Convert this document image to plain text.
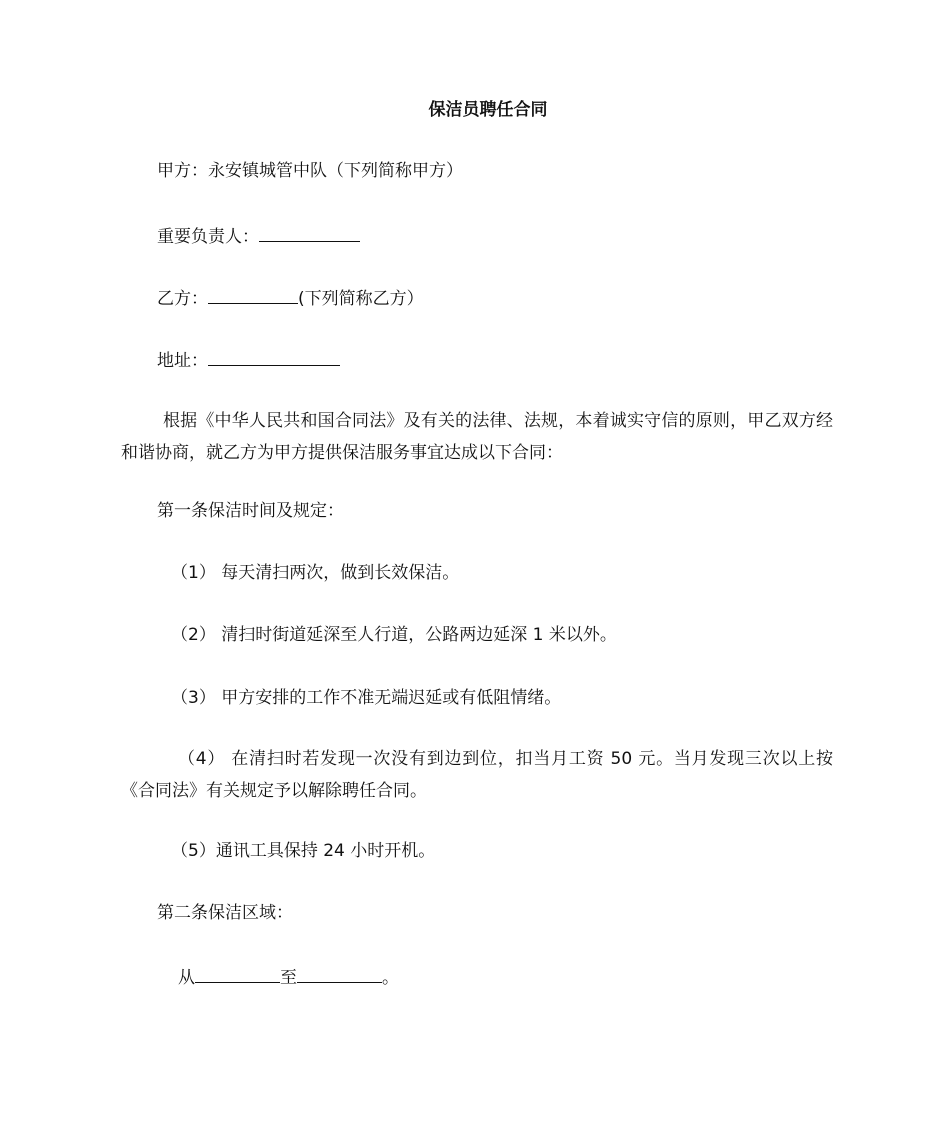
保洁员聘任合同
甲方：永安镇城管中队（下列简称甲方）
重要负责人：
乙方：	(下列简称乙方）
地址：
根据《中华人民共和国合同法》及有关的法律、法规，本着诚实守信的原则，甲乙双方经和谐协商，就乙方为甲方提供保洁服务事宜达成以下合同：
第一条保洁时间及规定：
（1） 每天清扫两次，做到长效保洁。
（2） 清扫时街道延深至人行道，公路两边延深 1 米以外。
（3） 甲方安排的工作不准无端迟延或有低阻情绪。
（4） 在清扫时若发现一次没有到边到位，扣当月工资 50 元。当月发现三次以上按《合同法》有关规定予以解除聘任合同。
（5）通讯工具保持 24 小时开机。
第二条保洁区域：
从	至	。
